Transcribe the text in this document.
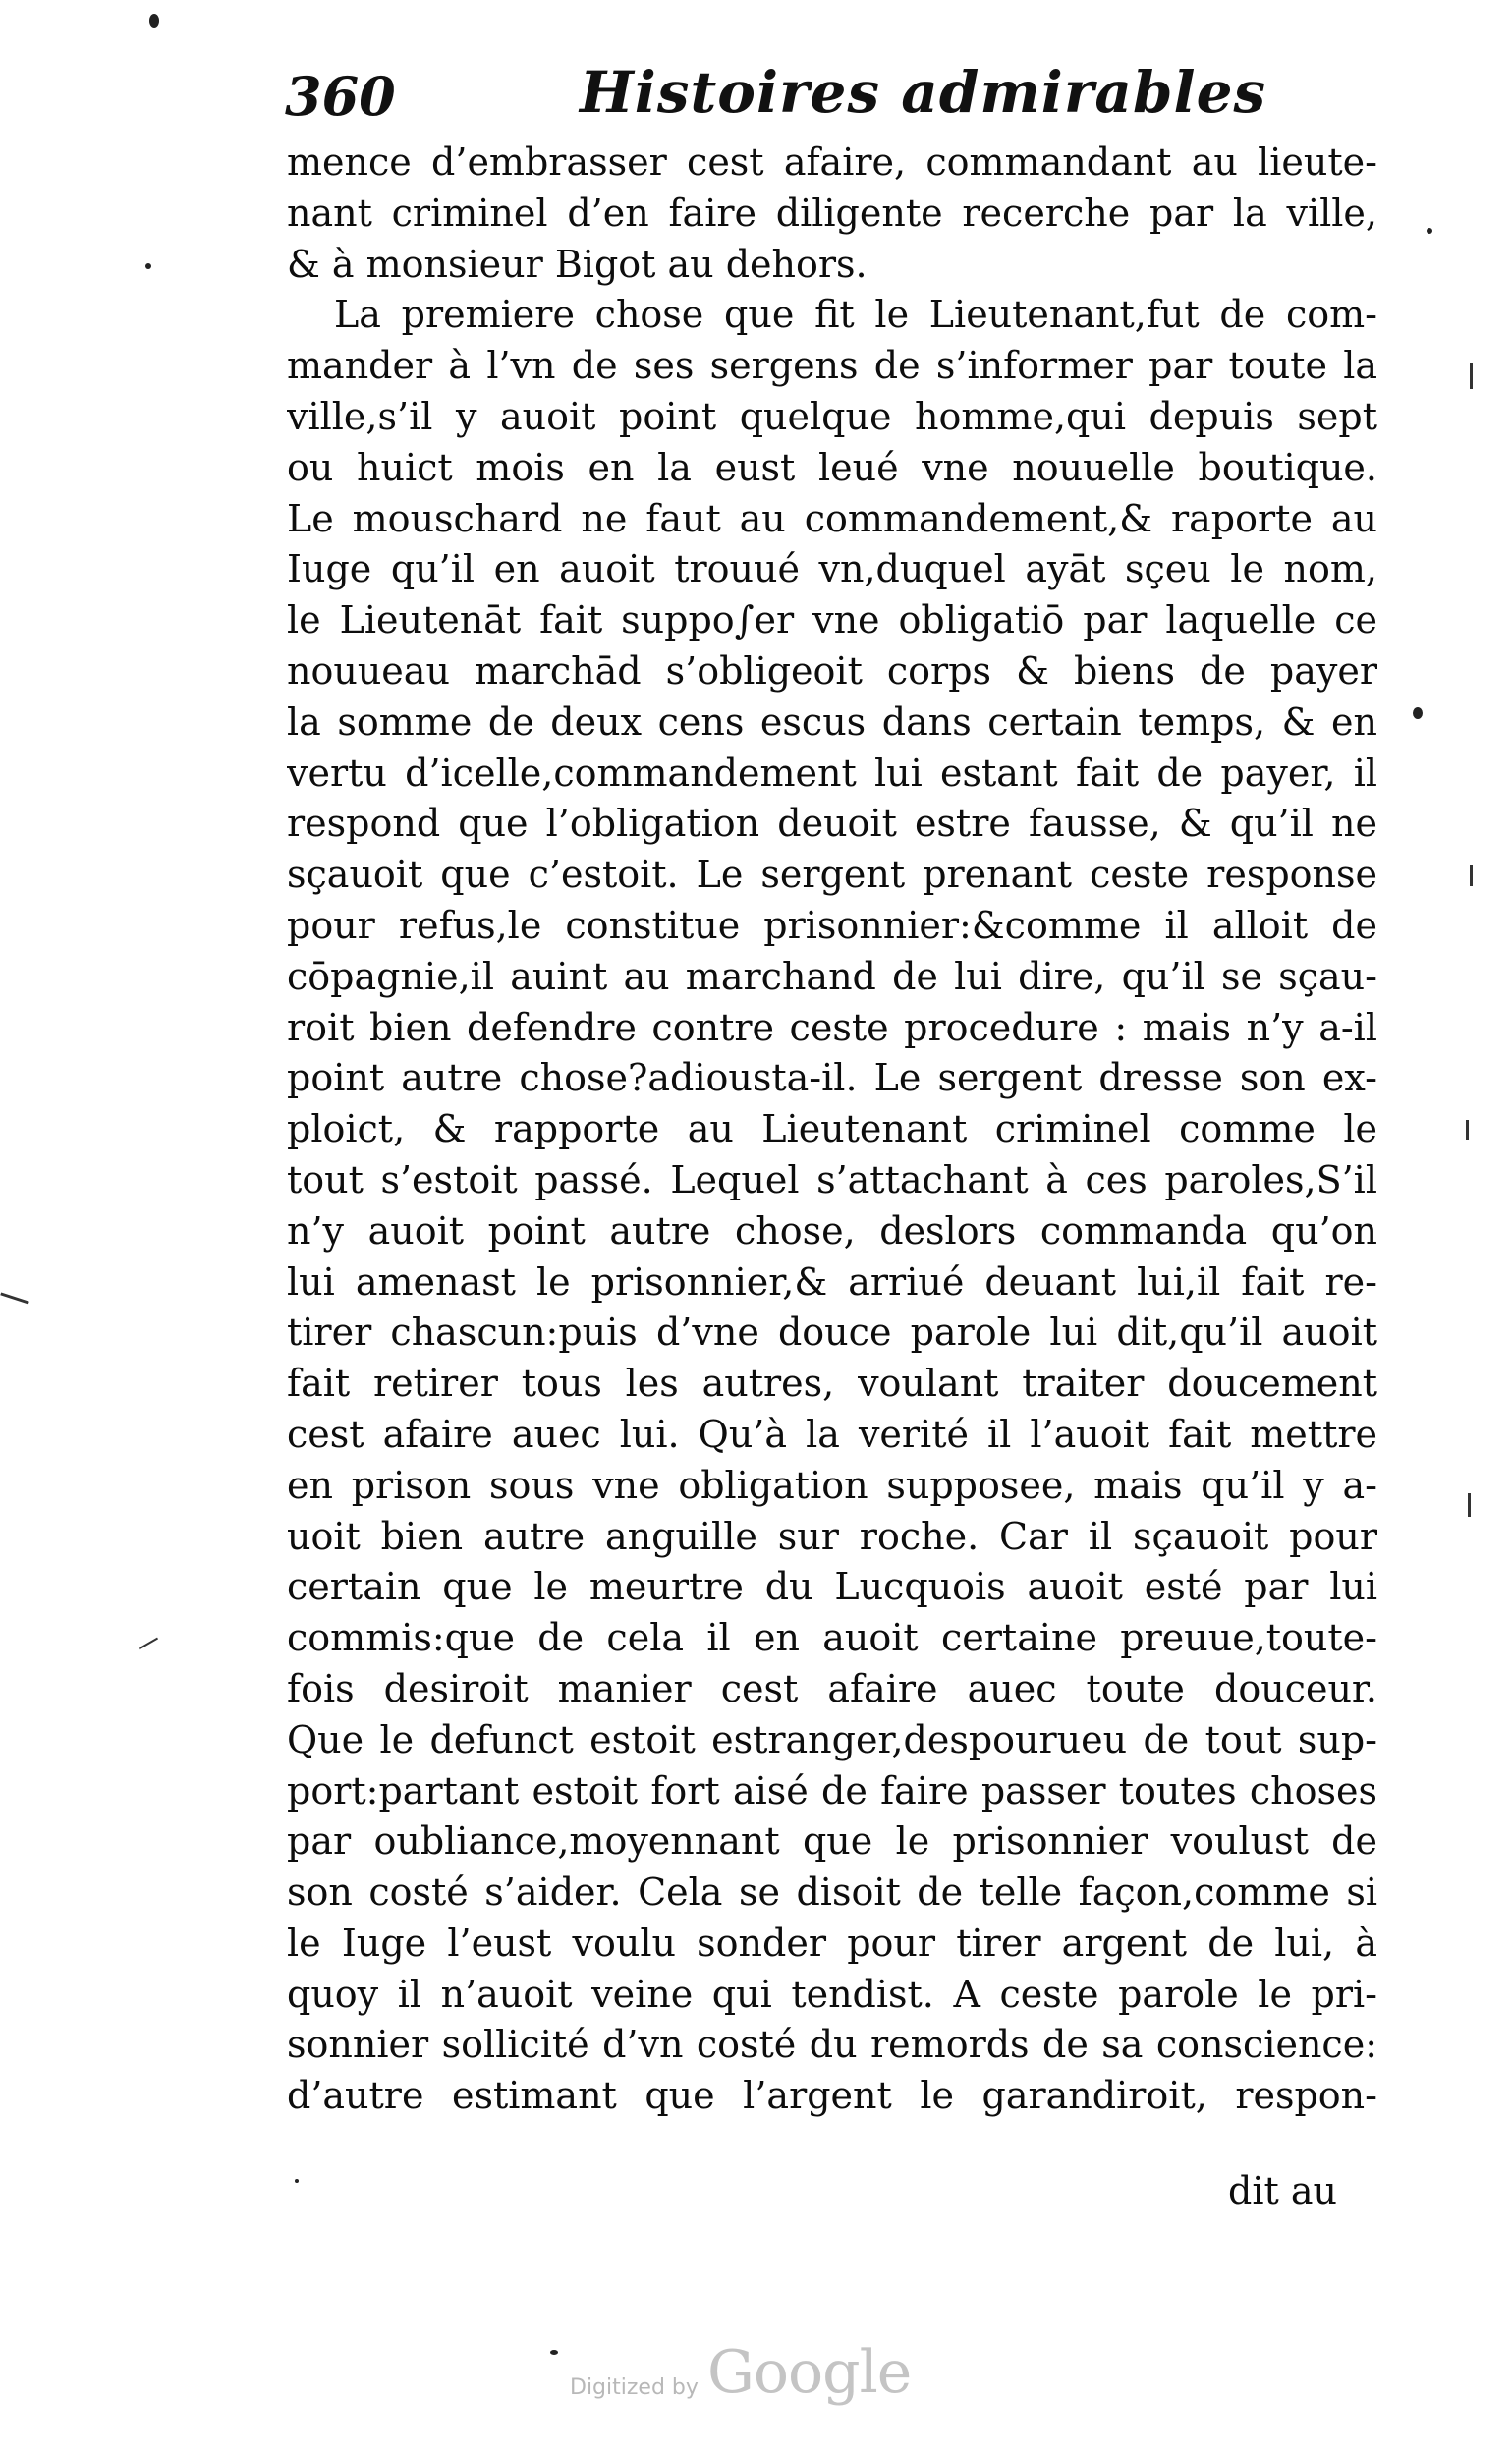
360	Histoires admirables
mence d’embrasser cest afaire, commandant au lieute-
nant criminel d’en faire diligente recerche par la ville,
& à monsieur Bigot au dehors.
La premiere chose que fit le Lieutenant,fut de com-
mander à l’vn de ses sergens de s’informer par toute la
ville,s’il y auoit point quelque homme,qui depuis sept
ou huict mois en la eust leué vne nouuelle boutique.
Le mouschard ne faut au commandement,& raporte au
Iuge qu’il en auoit trouué vn,duquel ayāt sçeu le nom,
le Lieutenāt fait suppo∫er vne obligatiō par laquelle ce
nouueau marchād s’obligeoit corps & biens de payer
la somme de deux cens escus dans certain temps, & en
vertu d’icelle,commandement lui estant fait de payer, il
respond que l’obligation deuoit estre fausse, & qu’il ne
sçauoit que c’estoit. Le sergent prenant ceste response
pour refus,le constitue prisonnier:&comme il alloit de
cōpagnie,il auint au marchand de lui dire, qu’il se sçau-
roit bien defendre contre ceste procedure : mais n’y a-il
point autre chose?adiousta-il. Le sergent dresse son ex-
ploict, & rapporte au Lieutenant criminel comme le
tout s’estoit passé. Lequel s’attachant à ces paroles,S’il
n’y auoit point autre chose, deslors commanda qu’on
lui amenast le prisonnier,& arriué deuant lui,il fait re-
tirer chascun:puis d’vne douce parole lui dit,qu’il auoit
fait retirer tous les autres, voulant traiter doucement
cest afaire auec lui. Qu’à la verité il l’auoit fait mettre
en prison sous vne obligation supposee, mais qu’il y a-
uoit bien autre anguille sur roche. Car il sçauoit pour
certain que le meurtre du Lucquois auoit esté par lui
commis:que de cela il en auoit certaine preuue,toute-
fois desiroit manier cest afaire auec toute douceur.
Que le defunct estoit estranger,despourueu de tout sup-
port:partant estoit fort aisé de faire passer toutes choses
par oubliance,moyennant que le prisonnier voulust de
son costé s’aider. Cela se disoit de telle façon,comme si
le Iuge l’eust voulu sonder pour tirer argent de lui, à
quoy il n’auoit veine qui tendist. A ceste parole le pri-
sonnier sollicité d’vn costé du remords de sa conscience:
d’autre estimant que l’argent le garandiroit, respon-
dit au
Digitized by Google
